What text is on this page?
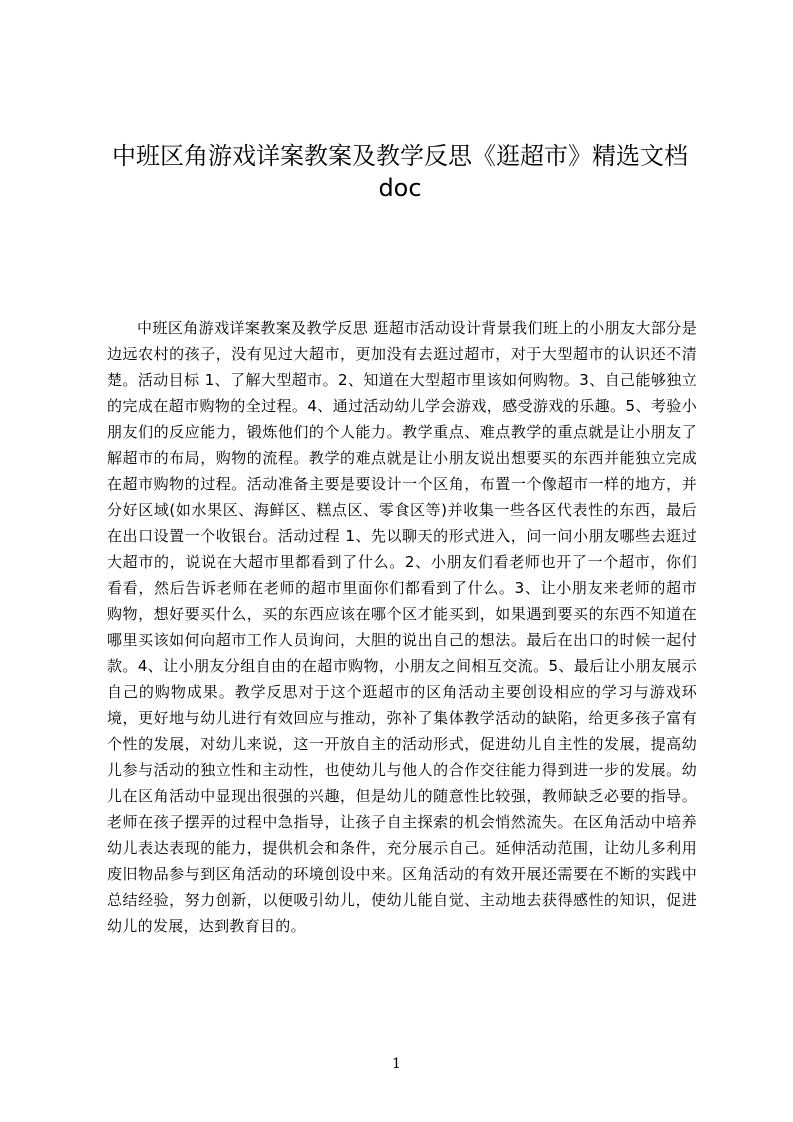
中班区角游戏详案教案及教学反思《逛超市》精选文档
doc

中班区角游戏详案教案及教学反思 逛超市活动设计背景我们班上的小朋友大部分是边远农村的孩子，没有见过大超市，更加没有去逛过超市，对于大型超市的认识还不清楚。活动目标 1、了解大型超市。2、知道在大型超市里该如何购物。3、自己能够独立的完成在超市购物的全过程。4、通过活动幼儿学会游戏，感受游戏的乐趣。5、考验小朋友们的反应能力，锻炼他们的个人能力。教学重点、难点教学的重点就是让小朋友了解超市的布局，购物的流程。教学的难点就是让小朋友说出想要买的东西并能独立完成在超市购物的过程。活动准备主要是要设计一个区角，布置一个像超市一样的地方，并分好区域(如水果区、海鲜区、糕点区、零食区等)并收集一些各区代表性的东西，最后在出口设置一个收银台。活动过程 1、先以聊天的形式进入，问一问小朋友哪些去逛过大超市的，说说在大超市里都看到了什么。2、小朋友们看老师也开了一个超市，你们看看，然后告诉老师在老师的超市里面你们都看到了什么。3、让小朋友来老师的超市购物，想好要买什么，买的东西应该在哪个区才能买到，如果遇到要买的东西不知道在哪里买该如何向超市工作人员询问，大胆的说出自己的想法。最后在出口的时候一起付款。4、让小朋友分组自由的在超市购物，小朋友之间相互交流。5、最后让小朋友展示自己的购物成果。教学反思对于这个逛超市的区角活动主要创设相应的学习与游戏环境，更好地与幼儿进行有效回应与推动，弥补了集体教学活动的缺陷，给更多孩子富有个性的发展，对幼儿来说，这一开放自主的活动形式，促进幼儿自主性的发展，提高幼儿参与活动的独立性和主动性，也使幼儿与他人的合作交往能力得到进一步的发展。幼儿在区角活动中显现出很强的兴趣，但是幼儿的随意性比较强，教师缺乏必要的指导。老师在孩子摆弄的过程中急指导，让孩子自主探索的机会悄然流失。在区角活动中培养幼儿表达表现的能力，提供机会和条件，充分展示自己。延伸活动范围，让幼儿多利用废旧物品参与到区角活动的环境创设中来。区角活动的有效开展还需要在不断的实践中总结经验，努力创新，以便吸引幼儿，使幼儿能自觉、主动地去获得感性的知识，促进幼儿的发展，达到教育目的。

1
